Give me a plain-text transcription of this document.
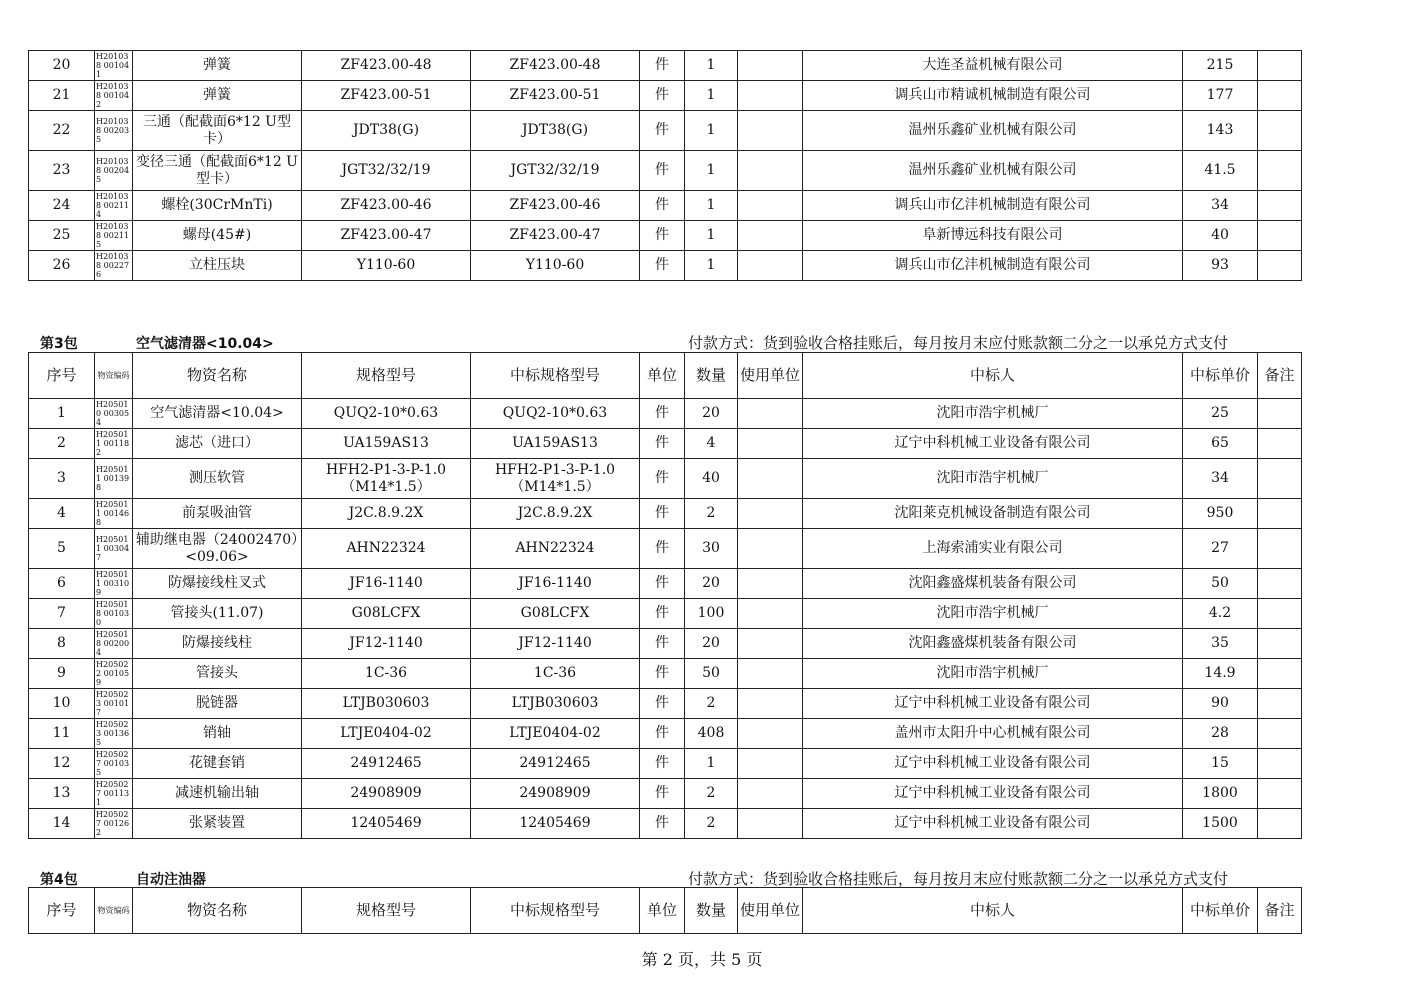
20	H201038 001041	弹簧	ZF423.00-48	ZF423.00-48	件	1		大连圣益机械有限公司	215	
21	H201038 001042	弹簧	ZF423.00-51	ZF423.00-51	件	1		调兵山市精诚机械制造有限公司	177	
22	H201038 002035	三通（配截面6*12 U型卡）	JDT38(G)	JDT38(G)	件	1		温州乐鑫矿业机械有限公司	143	
23	H201038 002045	变径三通（配截面6*12 U型卡）	JGT32/32/19	JGT32/32/19	件	1		温州乐鑫矿业机械有限公司	41.5	
24	H201038 002114	螺栓(30CrMnTi)	ZF423.00-46	ZF423.00-46	件	1		调兵山市亿沣机械制造有限公司	34	
25	H201038 002115	螺母(45#)	ZF423.00-47	ZF423.00-47	件	1		阜新博远科技有限公司	40	
26	H201038 002276	立柱压块	Y110-60	Y110-60	件	1		调兵山市亿沣机械制造有限公司	93	
第3包	空气滤清器<10.04>	付款方式：货到验收合格挂账后，每月按月末应付账款额二分之一以承兑方式支付
序号	物资编码	物资名称	规格型号	中标规格型号	单位	数量	使用单位	中标人	中标单价	备注
1	H205010 003054	空气滤清器<10.04>	QUQ2-10*0.63	QUQ2-10*0.63	件	20		沈阳市浩宇机械厂	25	
2	H205011 001182	滤芯（进口）	UA159AS13	UA159AS13	件	4		辽宁中科机械工业设备有限公司	65	
3	H205011 001398	测压软管	HFH2-P1-3-P-1.0（M14*1.5）	HFH2-P1-3-P-1.0（M14*1.5）	件	40		沈阳市浩宇机械厂	34	
4	H205011 001468	前泵吸油管	J2C.8.9.2X	J2C.8.9.2X	件	2		沈阳莱克机械设备制造有限公司	950	
5	H205011 003047	辅助继电器（24002470）<09.06>	AHN22324	AHN22324	件	30		上海索浦实业有限公司	27	
6	H205011 003109	防爆接线柱叉式	JF16-1140	JF16-1140	件	20		沈阳鑫盛煤机装备有限公司	50	
7	H205018 001030	管接头(11.07)	G08LCFX	G08LCFX	件	100		沈阳市浩宇机械厂	4.2	
8	H205018 002004	防爆接线柱	JF12-1140	JF12-1140	件	20		沈阳鑫盛煤机装备有限公司	35	
9	H205022 001059	管接头	1C-36	1C-36	件	50		沈阳市浩宇机械厂	14.9	
10	H205023 001017	脱链器	LTJB030603	LTJB030603	件	2		辽宁中科机械工业设备有限公司	90	
11	H205023 001365	销轴	LTJE0404-02	LTJE0404-02	件	408		盖州市太阳升中心机械有限公司	28	
12	H205027 001035	花键套销	24912465	24912465	件	1		辽宁中科机械工业设备有限公司	15	
13	H205027 001131	减速机输出轴	24908909	24908909	件	2		辽宁中科机械工业设备有限公司	1800	
14	H205027 001262	张紧装置	12405469	12405469	件	2		辽宁中科机械工业设备有限公司	1500	
第4包	自动注油器	付款方式：货到验收合格挂账后，每月按月末应付账款额二分之一以承兑方式支付
序号	物资编码	物资名称	规格型号	中标规格型号	单位	数量	使用单位	中标人	中标单价	备注
第 2 页，共 5 页
